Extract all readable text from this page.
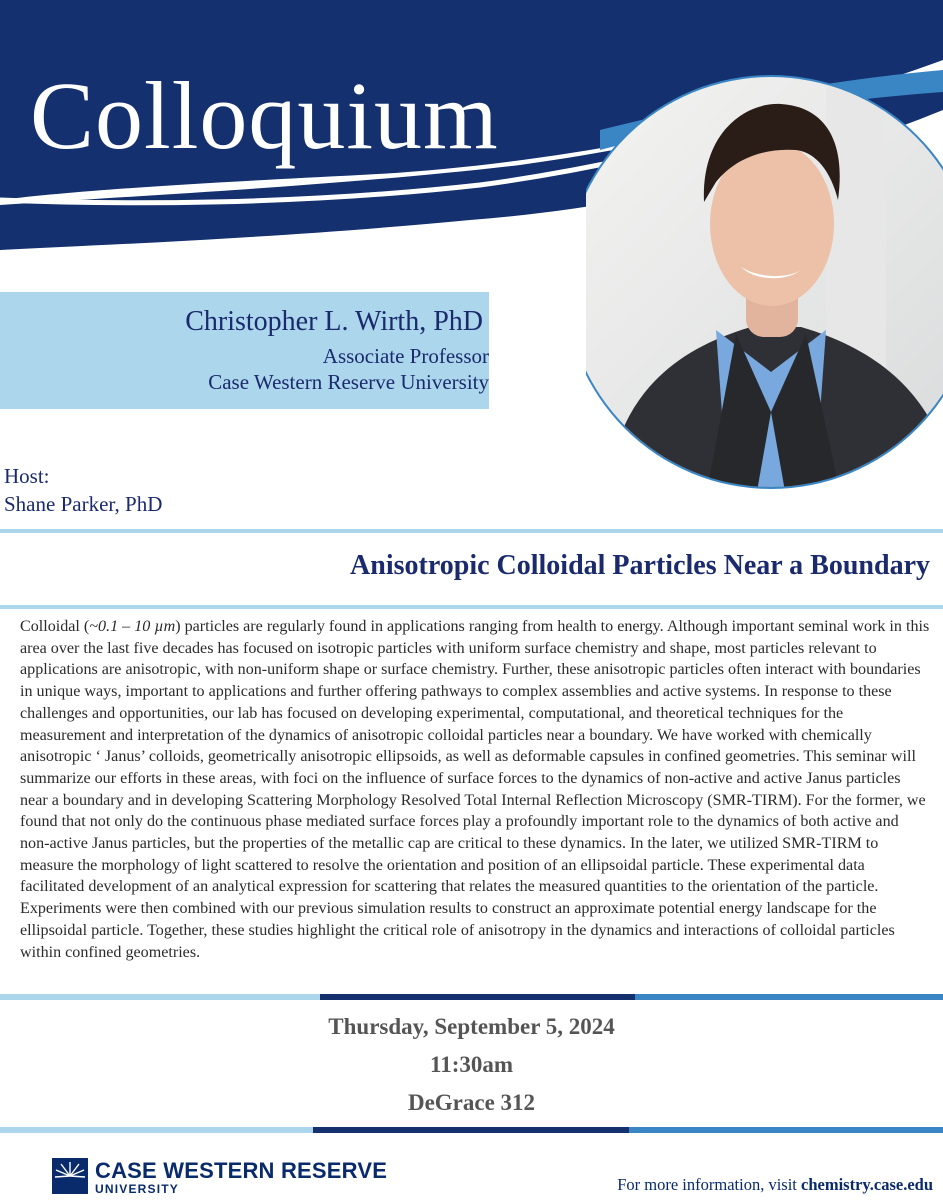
Colloquium

Christopher L. Wirth, PhD

Associate Professor

Case Western Reserve University

Host:

Shane Parker, PhD

Anisotropic Colloidal Particles Near a Boundary

Colloidal (~0.1 – 10 µm) particles are regularly found in applications ranging from health to energy. Although important seminal work in this area over the last five decades has focused on isotropic particles with uniform surface chemistry and shape, most particles relevant to applications are anisotropic, with non-uniform shape or surface chemistry. Further, these anisotropic particles often interact with boundaries in unique ways, important to applications and further offering pathways to complex assemblies and active systems. In response to these challenges and opportunities, our lab has focused on developing experimental, computational, and theoretical techniques for the measurement and interpretation of the dynamics of anisotropic colloidal particles near a boundary. We have worked with chemically anisotropic ‘ Janus’ colloids, geometrically anisotropic ellipsoids, as well as deformable capsules in confined geometries. This seminar will summarize our efforts in these areas, with foci on the influence of surface forces to the dynamics of non-active and active Janus particles near a boundary and in developing Scattering Morphology Resolved Total Internal Reflection Microscopy (SMR-TIRM). For the former, we found that not only do the continuous phase mediated surface forces play a profoundly important role to the dynamics of both active and non-active Janus particles, but the properties of the metallic cap are critical to these dynamics. In the later, we utilized SMR-TIRM to measure the morphology of light scattered to resolve the orientation and position of an ellipsoidal particle. These experimental data facilitated development of an analytical expression for scattering that relates the measured quantities to the orientation of the particle. Experiments were then combined with our previous simulation results to construct an approximate potential energy landscape for the ellipsoidal particle. Together, these studies highlight the critical role of anisotropy in the dynamics and interactions of colloidal particles within confined geometries.

Thursday, September 5, 2024

11:30am

DeGrace 312

CASE WESTERN RESERVE

UNIVERSITY	For more information, visit chemistry.case.edu
